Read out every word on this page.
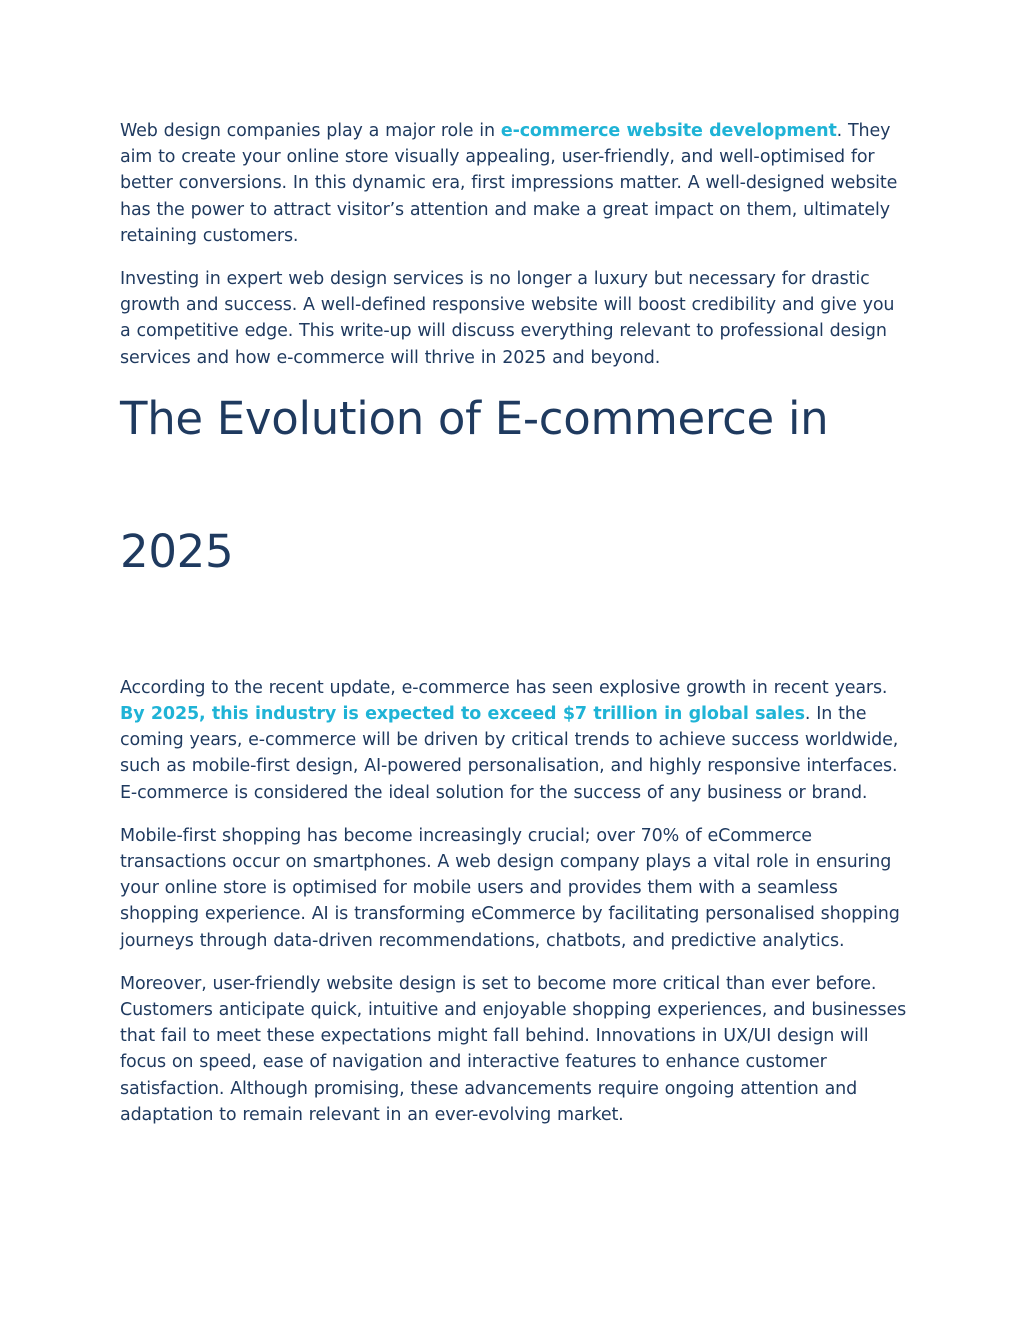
Web design companies play a major role in e-commerce website development. They aim to create your online store visually appealing, user-friendly, and well-optimised for better conversions. In this dynamic era, first impressions matter. A well-designed website has the power to attract visitor’s attention and make a great impact on them, ultimately retaining customers.

Investing in expert web design services is no longer a luxury but necessary for drastic growth and success. A well-defined responsive website will boost credibility and give you a competitive edge. This write-up will discuss everything relevant to professional design services and how e-commerce will thrive in 2025 and beyond.

The Evolution of E-commerce in
2025

According to the recent update, e-commerce has seen explosive growth in recent years. By 2025, this industry is expected to exceed $7 trillion in global sales. In the coming years, e-commerce will be driven by critical trends to achieve success worldwide, such as mobile-first design, AI-powered personalisation, and highly responsive interfaces. E-commerce is considered the ideal solution for the success of any business or brand.

Mobile-first shopping has become increasingly crucial; over 70% of eCommerce transactions occur on smartphones. A web design company plays a vital role in ensuring your online store is optimised for mobile users and provides them with a seamless shopping experience. AI is transforming eCommerce by facilitating personalised shopping journeys through data-driven recommendations, chatbots, and predictive analytics.

Moreover, user-friendly website design is set to become more critical than ever before. Customers anticipate quick, intuitive and enjoyable shopping experiences, and businesses that fail to meet these expectations might fall behind. Innovations in UX/UI design will focus on speed, ease of navigation and interactive features to enhance customer satisfaction. Although promising, these advancements require ongoing attention and adaptation to remain relevant in an ever-evolving market.
